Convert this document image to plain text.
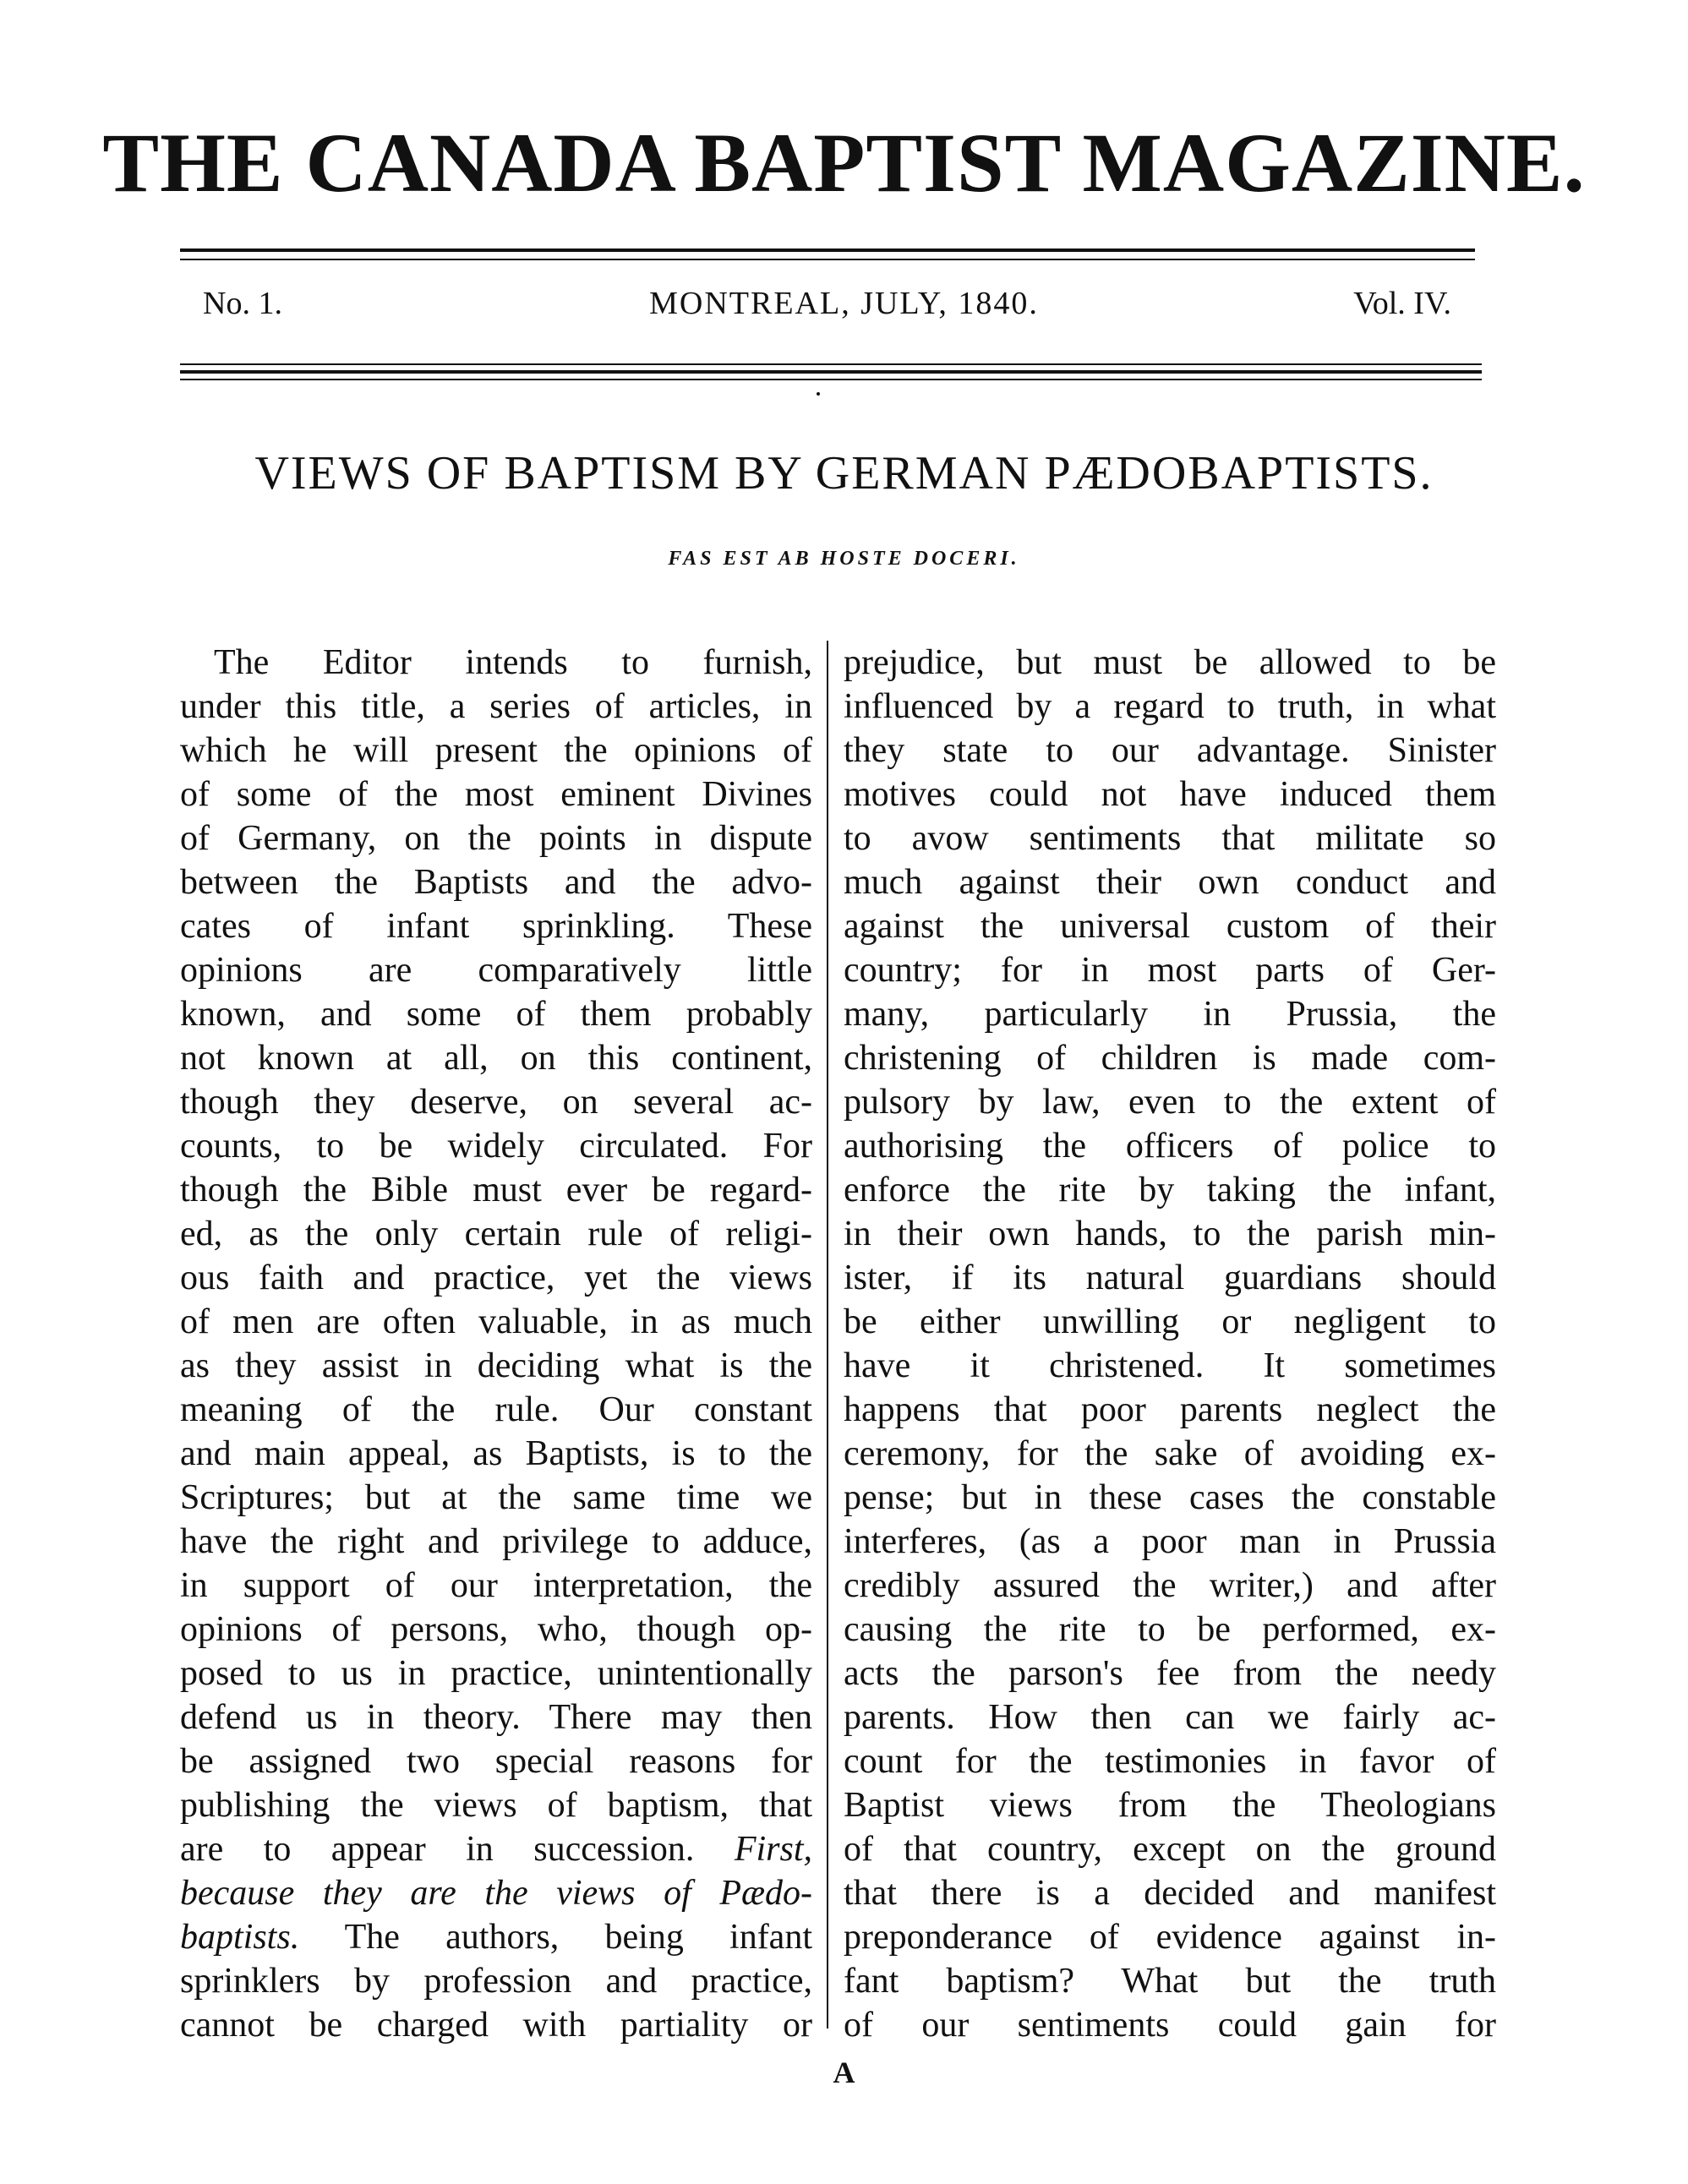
THE CANADA BAPTIST MAGAZINE.
No. 1.	MONTREAL, JULY, 1840.	Vol. IV.
VIEWS OF BAPTISM BY GERMAN PÆDOBAPTISTS.
FAS EST AB HOSTE DOCERI.
The Editor intends to furnish,
under this title, a series of articles, in
which he will present the opinions of
of some of the most eminent Divines
of Germany, on the points in dispute
between the Baptists and the advo-
cates of infant sprinkling. These
opinions are comparatively little
known, and some of them probably
not known at all, on this continent,
though they deserve, on several ac-
counts, to be widely circulated. For
though the Bible must ever be regard-
ed, as the only certain rule of religi-
ous faith and practice, yet the views
of men are often valuable, in as much
as they assist in deciding what is the
meaning of the rule. Our constant
and main appeal, as Baptists, is to the
Scriptures; but at the same time we
have the right and privilege to adduce,
in support of our interpretation, the
opinions of persons, who, though op-
posed to us in practice, unintentionally
defend us in theory. There may then
be assigned two special reasons for
publishing the views of baptism, that
are to appear in succession. First,
because they are the views of Pædo-
baptists. The authors, being infant
sprinklers by profession and practice,
cannot be charged with partiality or
prejudice, but must be allowed to be
influenced by a regard to truth, in what
they state to our advantage. Sinister
motives could not have induced them
to avow sentiments that militate so
much against their own conduct and
against the universal custom of their
country; for in most parts of Ger-
many, particularly in Prussia, the
christening of children is made com-
pulsory by law, even to the extent of
authorising the officers of police to
enforce the rite by taking the infant,
in their own hands, to the parish min-
ister, if its natural guardians should
be either unwilling or negligent to
have it christened. It sometimes
happens that poor parents neglect the
ceremony, for the sake of avoiding ex-
pense; but in these cases the constable
interferes, (as a poor man in Prussia
credibly assured the writer,) and after
causing the rite to be performed, ex-
acts the parson's fee from the needy
parents. How then can we fairly ac-
count for the testimonies in favor of
Baptist views from the Theologians
of that country, except on the ground
that there is a decided and manifest
preponderance of evidence against in-
fant baptism? What but the truth
of our sentiments could gain for
A
